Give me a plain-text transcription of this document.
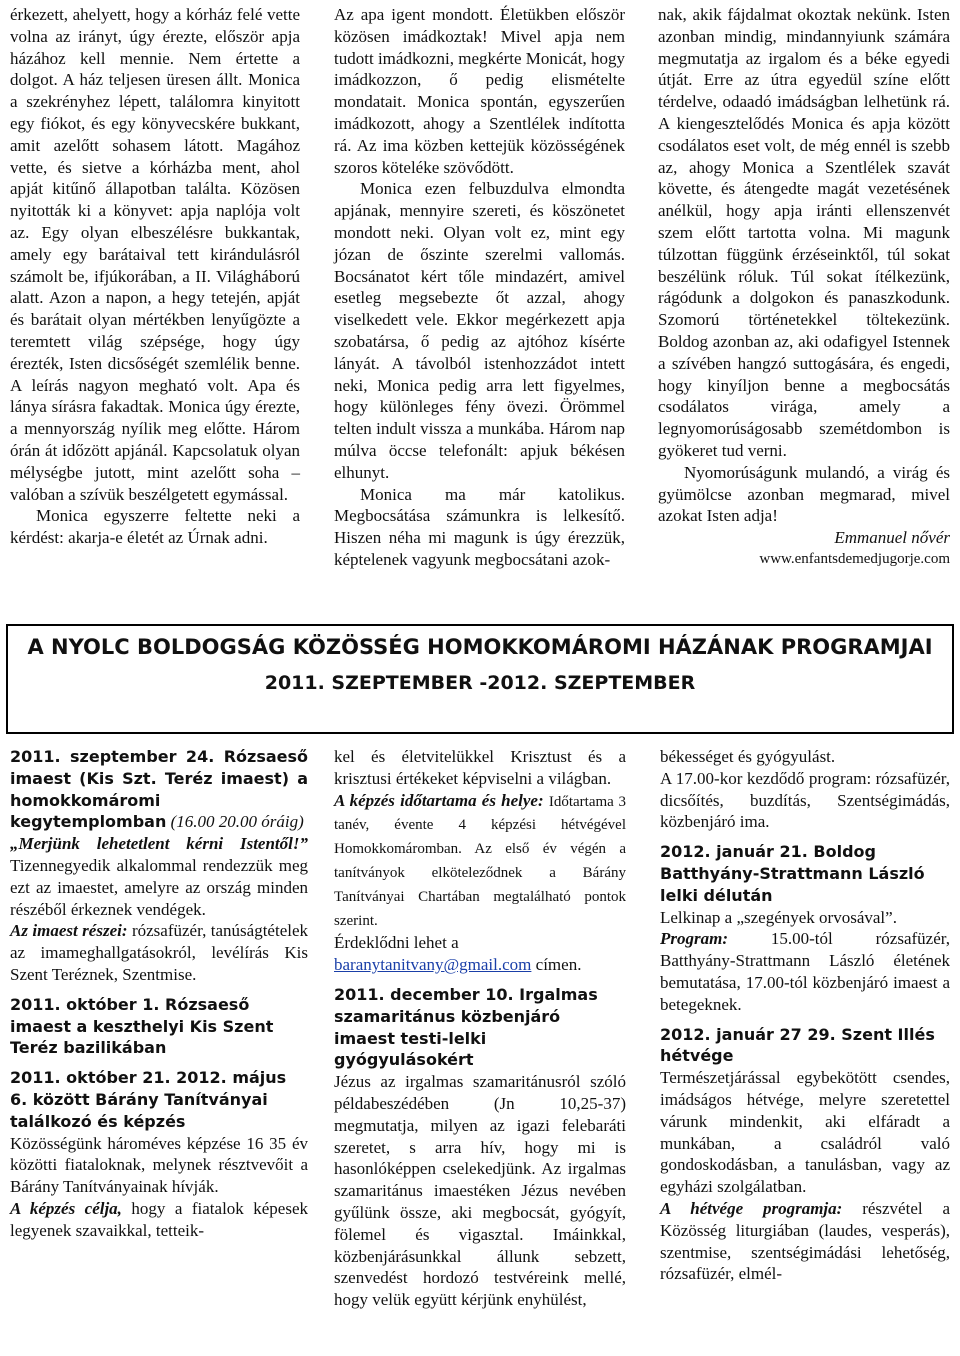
érkezett, ahelyett, hogy a kórház felé vette volna az irányt, úgy érezte, először apja házához kell mennie. Nem értette a dolgot. A ház teljesen üresen állt. Monica a szekrényhez lépett, találomra kinyitott egy fiókot, és egy könyvecskére bukkant, amit azelőtt sohasem látott. Magához vette, és sietve a kórházba ment, ahol apját kitűnő állapotban találta. Közösen nyitották ki a könyvet: apja naplója volt az. Egy olyan elbeszélésre bukkantak, amely egy barátaival tett kirándulásról számolt be, ifjúkorában, a II. Világháború alatt. Azon a napon, a hegy tetején, apját és barátait olyan mértékben lenyűgözte a teremtett világ szépsége, hogy úgy érezték, Isten dicsőségét szemlélik benne. A leírás nagyon megható volt. Apa és lánya sírásra fakadtak. Monica úgy érezte, a mennyország nyílik meg előtte. Három órán át időzött apjánál. Kapcsolatuk olyan mélységbe jutott, mint azelőtt soha – valóban a szívük beszélgetett egymással.

Monica egyszerre feltette neki a kérdést: akarja-e életét az Úrnak adni.

Az apa igent mondott. Életükben először közösen imádkoztak! Mivel apja nem tudott imádkozni, megkérte Monicát, hogy imádkozzon, ő pedig elismételte mondatait. Monica spontán, egyszerűen imádkozott, ahogy a Szentlélek indította rá. Az ima közben kettejük közösségének szoros köteléke szövődött.

Monica ezen felbuzdulva elmondta apjának, mennyire szereti, és köszönetet mondott neki. Olyan volt ez, mint egy józan de őszinte szerelmi vallomás. Bocsánatot kért tőle mindazért, amivel esetleg megsebezte őt azzal, ahogy viselkedett vele. Ekkor megérkezett apja szobatársa, ő pedig az ajtóhoz kísérte lányát. A távolból istenhozzádot intett neki, Monica pedig arra lett figyelmes, hogy különleges fény övezi. Örömmel telten indult vissza a munkába. Három nap múlva öccse telefonált: apjuk békésen elhunyt.

Monica ma már katolikus. Megbocsátása számunkra is lelkesítő. Hiszen néha mi magunk is úgy érezzük, képtelenek vagyunk megbocsátani azok-

nak, akik fájdalmat okoztak nekünk. Isten azonban mindig, mindannyiunk számára megmutatja az irgalom és a béke egyedi útját. Erre az útra egyedül színe előtt térdelve, odaadó imádságban lelhetünk rá. A kiengesztelődés Monica és apja között csodálatos eset volt, de még ennél is szebb az, ahogy Monica a Szentlélek szavát követte, és átengedte magát vezetésének anélkül, hogy apja iránti ellenszenvét szem előtt tartotta volna. Mi magunk túlzottan függünk érzéseinktől, túl sokat beszélünk róluk. Túl sokat ítélkezünk, rágódunk a dolgokon és panaszkodunk. Szomorú történetekkel töltekezünk. Boldog azonban az, aki odafigyel Istennek a szívében hangzó suttogására, és engedi, hogy kinyíljon benne a megbocsátás csodálatos virága, amely a legnyomorúságosabb szemétdombon is gyökeret tud verni.

Nyomorúságunk mulandó, a virág és gyümölcse azonban megmarad, mivel azokat Isten adja!

Emmanuel nővér

www.enfantsdemedjugorje.com

A NYOLC BOLDOGSÁG KÖZÖSSÉG HOMOKKOMÁROMI HÁZÁNAK PROGRAMJAI
2011. SZEPTEMBER -2012. SZEPTEMBER

2011. szeptember 24. Rózsaeső imaest (Kis Szt. Teréz imaest) a homokkomáromi kegytemplomban (16.00 20.00 óráig)

„Merjünk lehetetlent kérni Istentől!” Tizennegyedik alkalommal rendezzük meg ezt az imaestet, amelyre az ország minden részéből érkeznek vendégek.

Az imaest részei: rózsafüzér, tanúságtételek az imameghallgatásokról, levélírás Kis Szent Teréznek, Szentmise.

2011. október 1. Rózsaeső imaest a keszthelyi Kis Szent Teréz bazilikában

2011. október 21. 2012. május 6. között Bárány Tanítványai találkozó és képzés

Közösségünk hároméves képzése 16 35 év közötti fiataloknak, melynek résztvevőit a Bárány Tanítványainak hívják.

A képzés célja, hogy a fiatalok képesek legyenek szavaikkal, tetteik-

kel és életvitelükkel Krisztust és a krisztusi értékeket képviselni a világban.

A képzés időtartama és helye: Időtartama 3 tanév, évente 4 képzési hétvégével Homokkomáromban. Az első év végén a tanítványok elköteleződnek a Bárány Tanítványai Chartában megtalálható pontok szerint.

Érdeklődni lehet a
baranytanitvany@gmail.com címen.

2011. december 10. Irgalmas szamaritánus közbenjáró imaest testi-lelki gyógyulásokért

Jézus az irgalmas szamaritánusról szóló példabeszédében (Jn 10,25-37) megmutatja, milyen az igazi felebaráti szeretet, s arra hív, hogy mi is hasonlóképpen cselekedjünk. Az irgalmas szamaritánus imaestéken Jézus nevében gyűlünk össze, aki megbocsát, gyógyít, fölemel és vigasztal. Imáinkkal, közbenjárásunkkal állunk sebzett, szenvedést hordozó testvéreink mellé, hogy velük együtt kérjünk enyhülést,

békességet és gyógyulást.

A 17.00-kor kezdődő program: rózsafüzér, dicsőítés, buzdítás, Szentségimádás, közbenjáró ima.

2012. január 21. Boldog Batthyány-Strattmann László lelki délután

Lelkinap a „szegények orvosával”.

Program:	15.00-tól rózsafüzér, Batthyány-Strattmann László életének bemutatása, 17.00-tól közbenjáró imaest a betegeknek.

2012. január 27 29. Szent Illés hétvége

Természetjárással egybekötött csendes, imádságos hétvége, melyre szeretettel várunk mindenkit, aki elfáradt a munkában, a családról való gondoskodásban, a tanulásban, vagy az egyházi szolgálatban.

A hétvége programja: részvétel a Közösség liturgiában (laudes, vesperás), szentmise, szentségimádási lehetőség, rózsafüzér, elmél-
